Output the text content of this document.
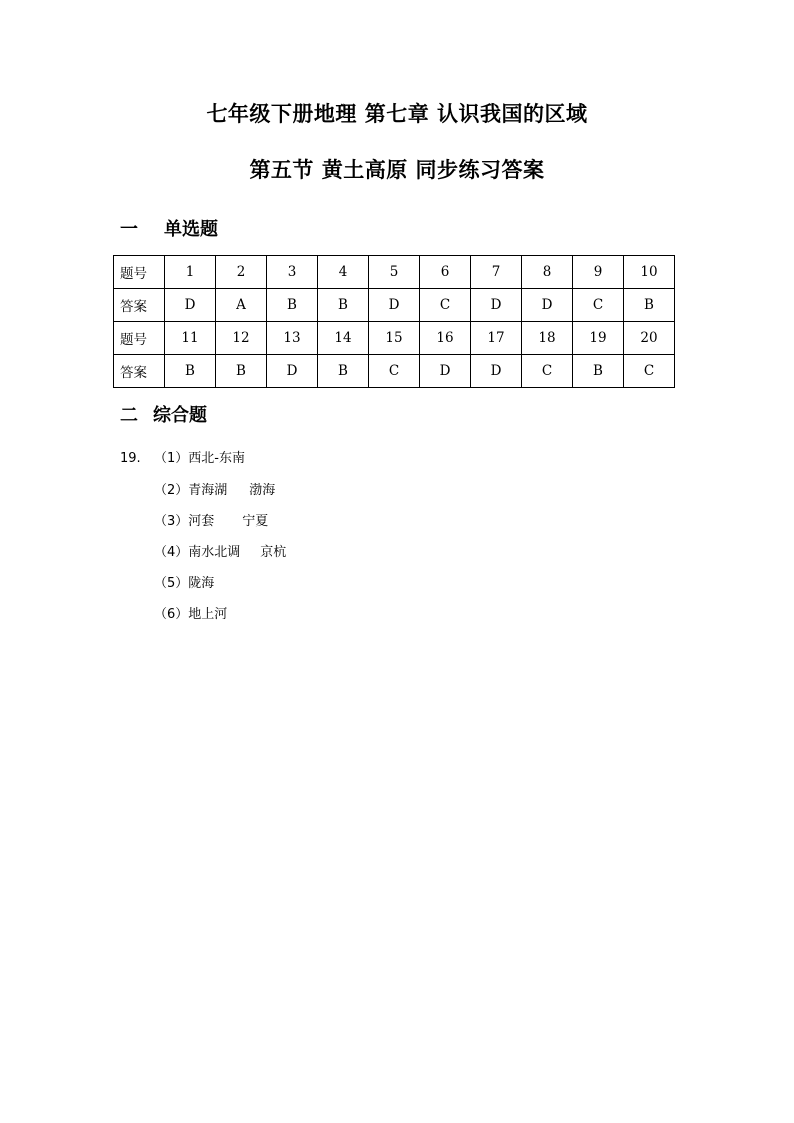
七年级下册地理 第七章 认识我国的区域
第五节 黄土高原 同步练习答案
一 单选题
题号	1	2	3	4	5	6	7	8	9	10
答案	D	A	B	B	D	C	D	D	C	B
题号	11	12	13	14	15	16	17	18	19	20
答案	B	B	D	B	C	D	D	C	B	C
二 综合题
19. （1）西北-东南
（2）青海湖 渤海
（3）河套 宁夏
（4）南水北调 京杭
（5）陇海
（6）地上河
